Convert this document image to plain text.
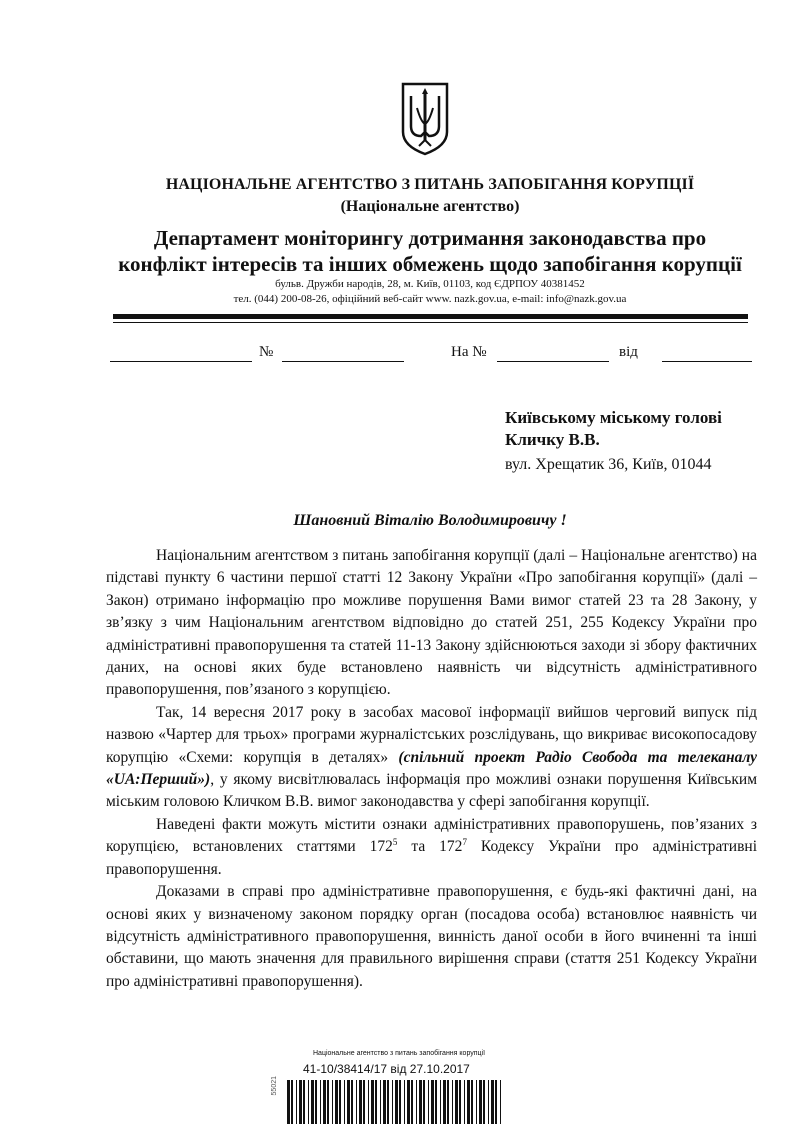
НАЦІОНАЛЬНЕ АГЕНТСТВО З ПИТАНЬ ЗАПОБІГАННЯ КОРУПЦІЇ
(Національне агентство)
Департамент моніторингу дотримання законодавства про
конфлікт інтересів та інших обмежень щодо запобігання корупції
бульв. Дружби народів, 28, м. Київ, 01103, код ЄДРПОУ 40381452
тел. (044) 200-08-26, офіційний веб-сайт www. nazk.gov.ua, e-mail: info@nazk.gov.ua
№	На №	від
Київському міському голові
Кличку В.В.
вул. Хрещатик 36, Київ, 01044
Шановний Віталію Володимировичу !

Національним агентством з питань запобігання корупції (далі – Національне агентство) на підставі пункту 6 частини першої статті 12 Закону України «Про запобігання корупції» (далі – Закон) отримано інформацію про можливе порушення Вами вимог статей 23 та 28 Закону, у зв’язку з чим Національним агентством відповідно до статей 251, 255 Кодексу України про адміністративні правопорушення та статей 11-13 Закону здійснюються заходи зі збору фактичних даних, на основі яких буде встановлено наявність чи відсутність адміністративного правопорушення, пов’язаного з корупцією.

Так, 14 вересня 2017 року в засобах масової інформації вийшов черговий випуск під назвою «Чартер для трьох» програми журналістських розслідувань, що викриває високопосадову корупцію «Схеми: корупція в деталях» (спільний проект Радіо Свобода та телеканалу «UA:Перший»), у якому висвітлювалась інформація про можливі ознаки порушення Київським міським головою Кличком В.В. вимог законодавства у сфері запобігання корупції.

Наведені факти можуть містити ознаки адміністративних правопорушень, пов’язаних з корупцією, встановлених статтями $172^5$ та $172^7$ Кодексу України про адміністративні правопорушення.

Доказами в справі про адміністративне правопорушення, є будь-які фактичні дані, на основі яких у визначеному законом порядку орган (посадова особа) встановлює наявність чи відсутність адміністративного правопорушення, винність даної особи в його вчиненні та інші обставини, що мають значення для правильного вирішення справи (стаття 251 Кодексу України про адміністративні правопорушення).

Національне агентство з питань запобігання корупції
41-10/38414/17 від 27.10.2017
55021
